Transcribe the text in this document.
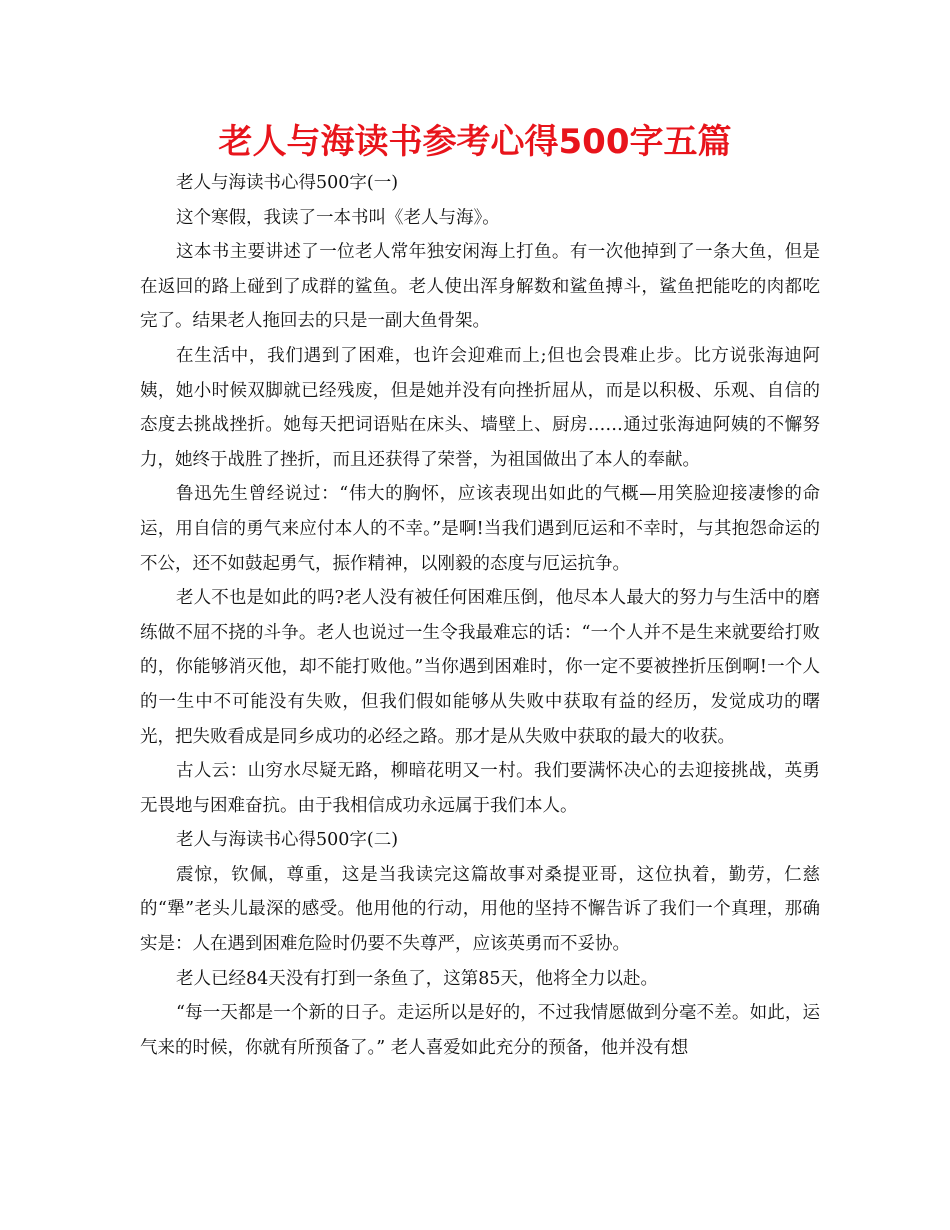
老人与海读书参考心得500字五篇

老人与海读书心得500字(一)

这个寒假，我读了一本书叫《老人与海》。

这本书主要讲述了一位老人常年独安闲海上打鱼。有一次他掉到了一条大鱼，但是在返回的路上碰到了成群的鲨鱼。老人使出浑身解数和鲨鱼搏斗，鲨鱼把能吃的肉都吃完了。结果老人拖回去的只是一副大鱼骨架。

在生活中，我们遇到了困难，也许会迎难而上;但也会畏难止步。比方说张海迪阿姨，她小时候双脚就已经残废，但是她并没有向挫折屈从，而是以积极、乐观、自信的态度去挑战挫折。她每天把词语贴在床头、墙壁上、厨房……通过张海迪阿姨的不懈努力，她终于战胜了挫折，而且还获得了荣誉，为祖国做出了本人的奉献。

鲁迅先生曾经说过：“伟大的胸怀，应该表现出如此的气概—用笑脸迎接凄惨的命运，用自信的勇气来应付本人的不幸。”是啊!当我们遇到厄运和不幸时，与其抱怨命运的不公，还不如鼓起勇气，振作精神，以刚毅的态度与厄运抗争。

老人不也是如此的吗?老人没有被任何困难压倒，他尽本人最大的努力与生活中的磨练做不屈不挠的斗争。老人也说过一生令我最难忘的话：“一个人并不是生来就要给打败的，你能够消灭他，却不能打败他。”当你遇到困难时，你一定不要被挫折压倒啊!一个人的一生中不可能没有失败，但我们假如能够从失败中获取有益的经历，发觉成功的曙光，把失败看成是同乡成功的必经之路。那才是从失败中获取的最大的收获。

古人云：山穷水尽疑无路，柳暗花明又一村。我们要满怀决心的去迎接挑战，英勇无畏地与困难奋抗。由于我相信成功永远属于我们本人。

老人与海读书心得500字(二)

震惊，钦佩，尊重，这是当我读完这篇故事对桑提亚哥，这位执着，勤劳，仁慈的“犟”老头儿最深的感受。他用他的行动，用他的坚持不懈告诉了我们一个真理，那确实是：人在遇到困难危险时仍要不失尊严，应该英勇而不妥协。

老人已经84天没有打到一条鱼了，这第85天，他将全力以赴。

“每一天都是一个新的日子。走运所以是好的，不过我情愿做到分毫不差。如此，运气来的时候，你就有所预备了。” 老人喜爱如此充分的预备，他并没有想
